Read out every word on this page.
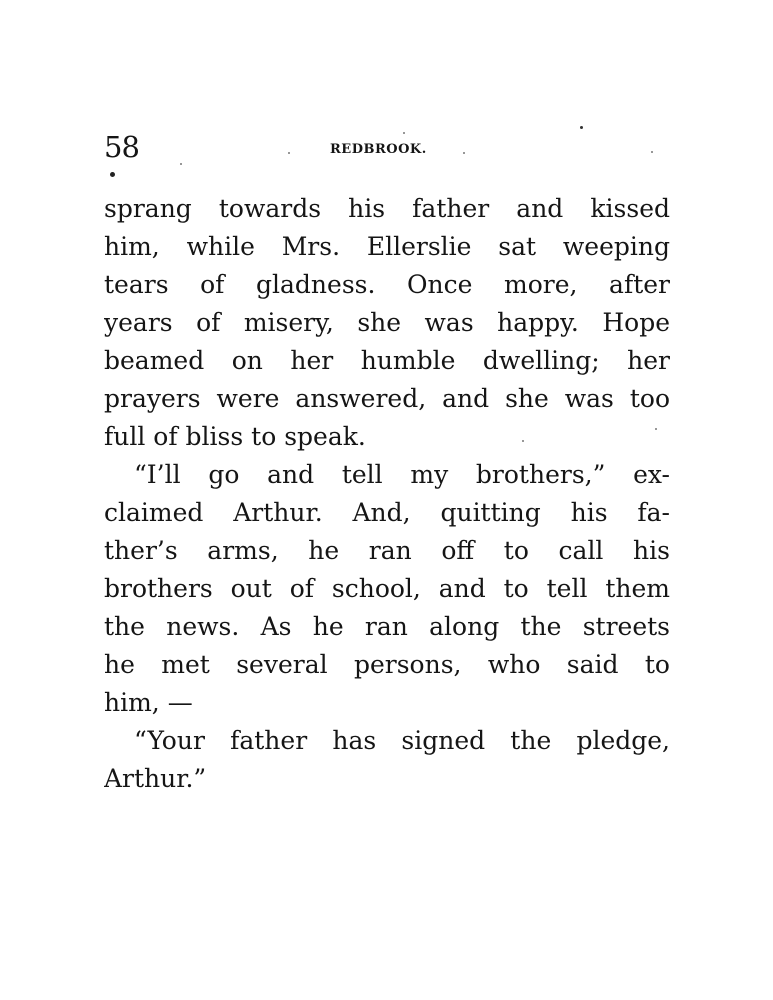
58	REDBROOK.
sprang towards his father and kissed
him, while Mrs. Ellerslie sat weeping
tears of gladness. Once more, after
years of misery, she was happy. Hope
beamed on her humble dwelling; her
prayers were answered, and she was too
full of bliss to speak.
“I’ll go and tell my brothers,” ex-
claimed Arthur. And, quitting his fa-
ther’s arms, he ran off to call his
brothers out of school, and to tell them
the news. As he ran along the streets
he met several persons, who said to
him, —
“Your father has signed the pledge,
Arthur.”
